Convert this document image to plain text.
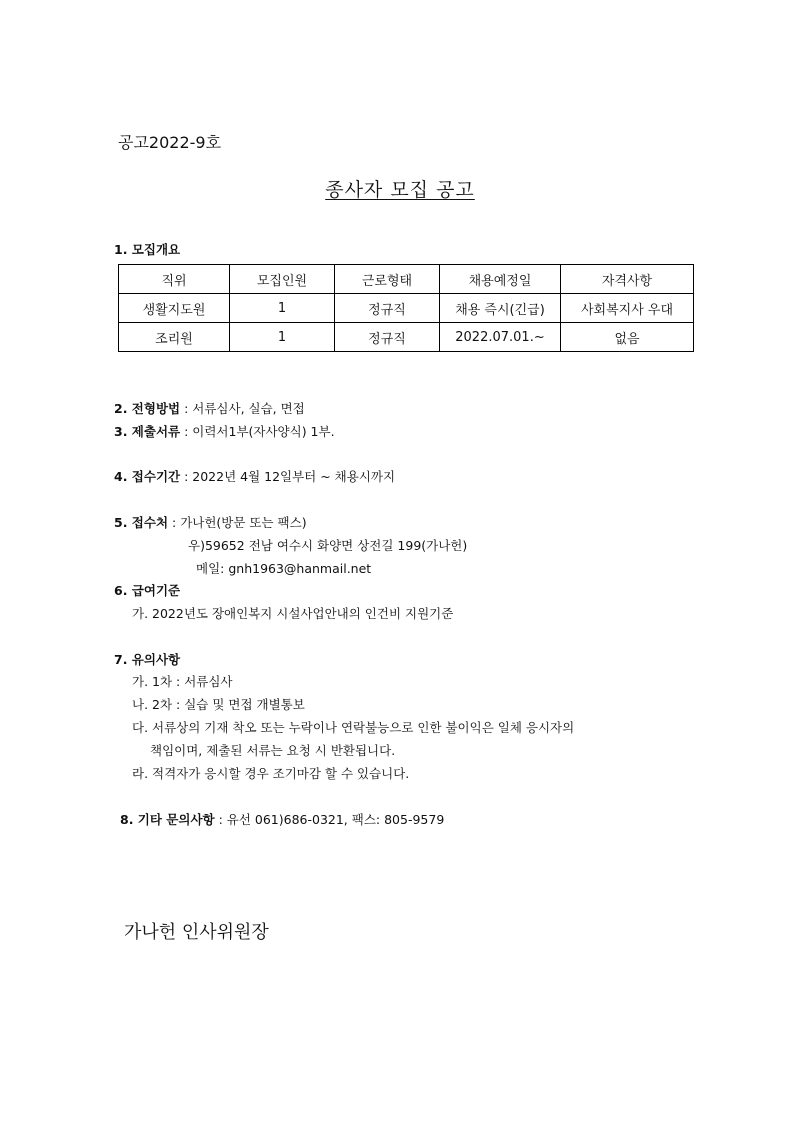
공고2022-9호
종사자 모집 공고
1. 모집개요
직위	모집인원	근로형태	채용예정일	자격사항
생활지도원	1	정규직	채용 즉시(긴급)	사회복지사 우대
조리원	1	정규직	2022.07.01.~	없음
2. 전형방법 : 서류심사, 실습, 면접
3. 제출서류 : 이력서1부(자사양식) 1부.
4. 접수기간 : 2022년 4월 12일부터 ~ 채용시까지
5. 접수처 : 가나헌(방문 또는 팩스)
우)59652 전남 여수시 화양면 상전길 199(가나헌)
메일: gnh1963@hanmail.net
6. 급여기준
가. 2022년도 장애인복지 시설사업안내의 인건비 지원기준
7. 유의사항
가. 1차 : 서류심사
나. 2차 : 실습 및 면접 개별통보
다. 서류상의 기재 착오 또는 누락이나 연락불능으로 인한 불이익은 일체 응시자의
책임이며, 제출된 서류는 요청 시 반환됩니다.
라. 적격자가 응시할 경우 조기마감 할 수 있습니다.
8. 기타 문의사항 : 유선 061)686-0321, 팩스: 805-9579
가나헌 인사위원장
